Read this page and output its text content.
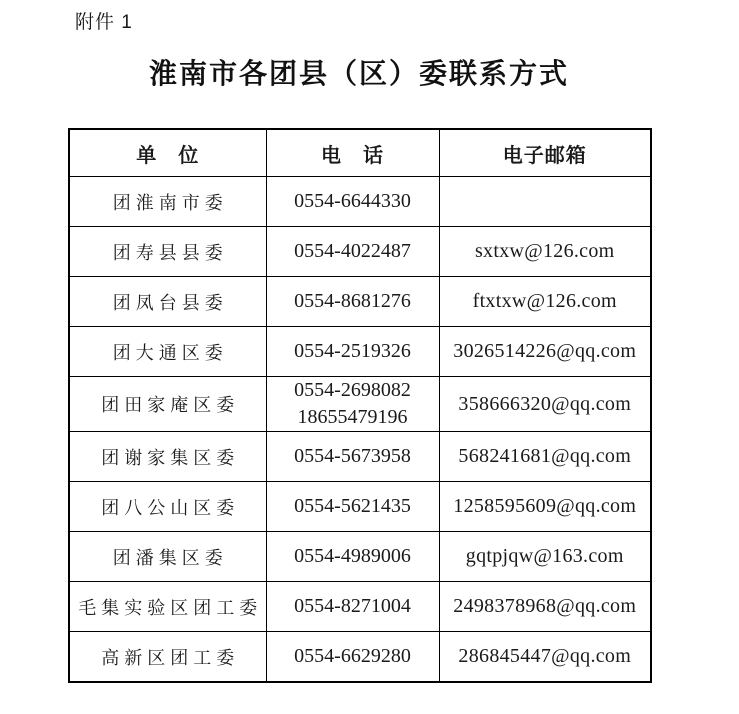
附件 1
淮南市各团县（区）委联系方式
单　位	电　话	电子邮箱
团淮南市委	0554-6644330	

团寿县县委	0554-4022487	sxtxw@126.com
团凤台县委	0554-8681276	ftxtxw@126.com
团大通区委	0554-2519326	3026514226@qq.com
团田家庵区委	0554-2698082
18655479196	358666320@qq.com
团谢家集区委	0554-5673958	568241681@qq.com
团八公山区委	0554-5621435	1258595609@qq.com
团潘集区委	0554-4989006	gqtpjqw@163.com
毛集实验区团工委	0554-8271004	2498378968@qq.com
高新区团工委	0554-6629280	286845447@qq.com
